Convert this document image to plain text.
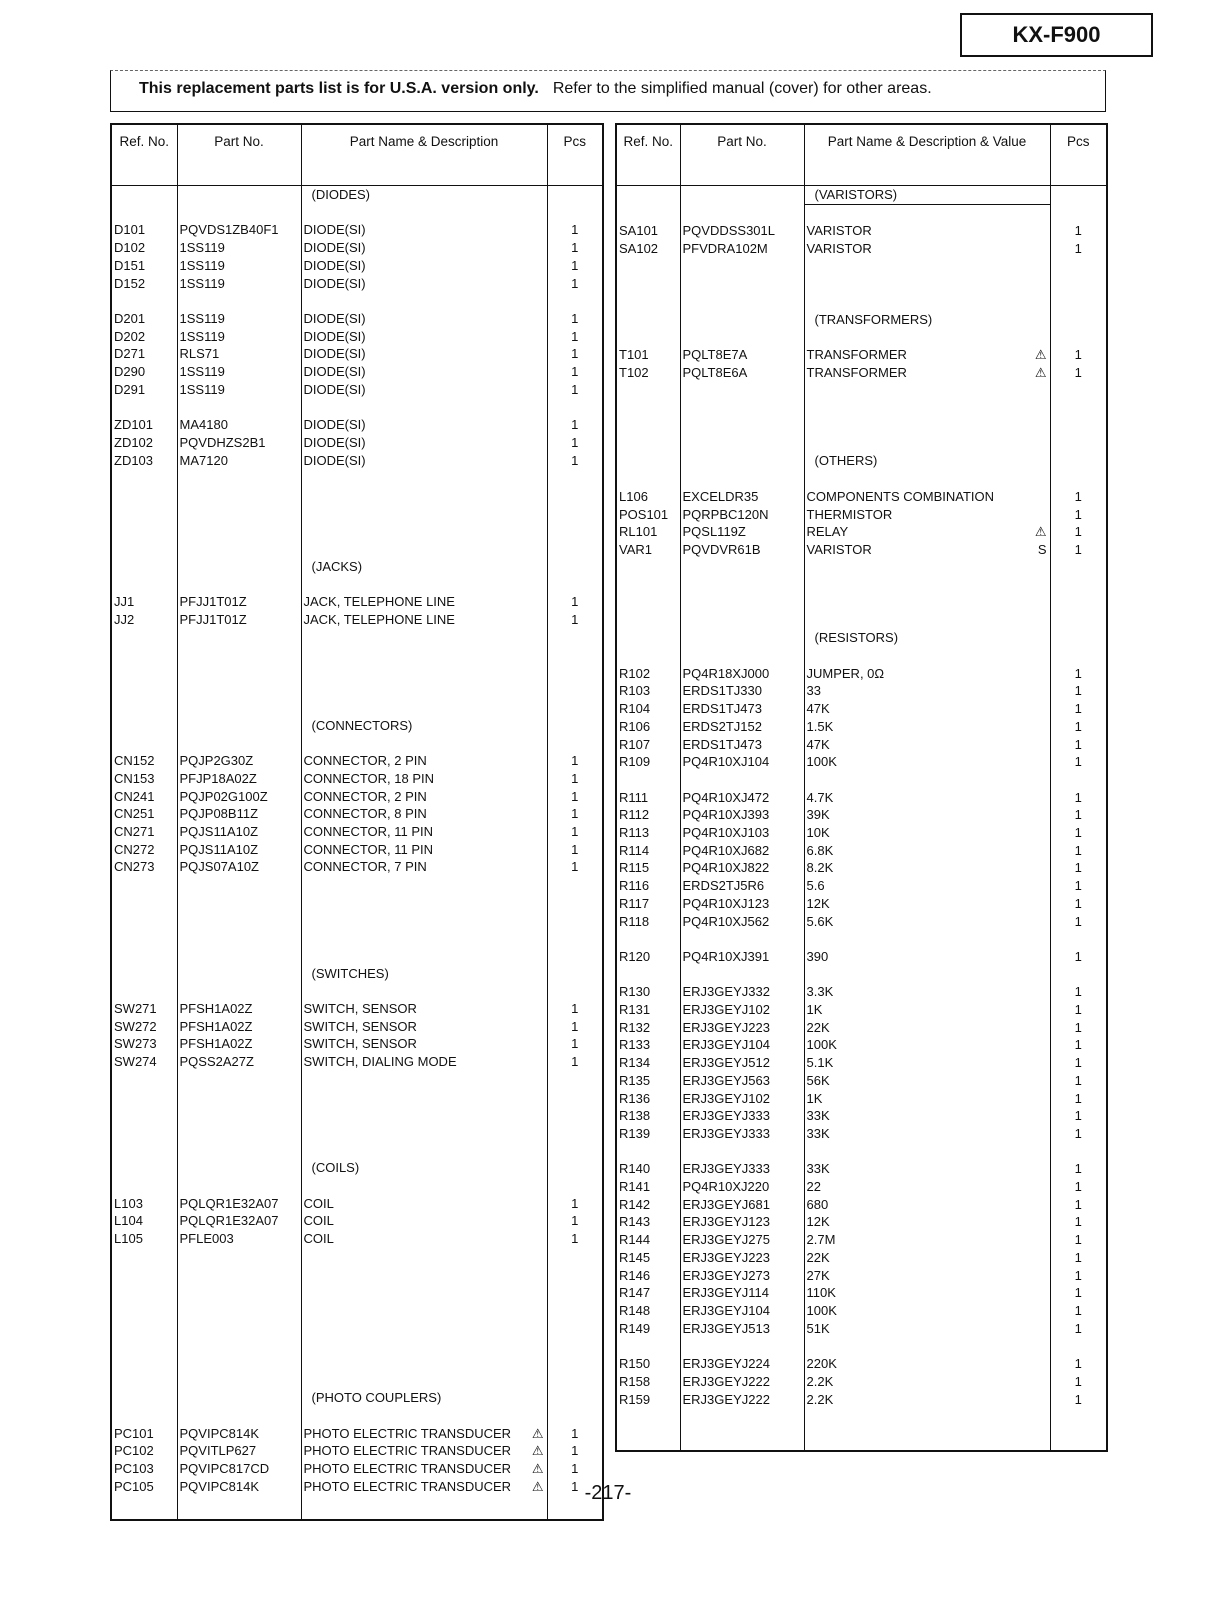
KX-F900
This replacement parts list is for U.S.A. version only. Refer to the simplified manual (cover) for other areas.
Ref. No.	Part No.	Part Name & Description	Pcs
		(DIODES)	

D101	PQVDS1ZB40F1	DIODE(SI)	1
D102	1SS119	DIODE(SI)	1
D151	1SS119	DIODE(SI)	1
D152	1SS119	DIODE(SI)	1

D201	1SS119	DIODE(SI)	1
D202	1SS119	DIODE(SI)	1
D271	RLS71	DIODE(SI)	1
D290	1SS119	DIODE(SI)	1
D291	1SS119	DIODE(SI)	1

ZD101	MA4180	DIODE(SI)	1
ZD102	PQVDHZS2B1	DIODE(SI)	1
ZD103	MA7120	DIODE(SI)	1

		(JACKS)	

JJ1	PFJJ1T01Z	JACK, TELEPHONE LINE	1
JJ2	PFJJ1T01Z	JACK, TELEPHONE LINE	1

		(CONNECTORS)	

CN152	PQJP2G30Z	CONNECTOR, 2 PIN	1
CN153	PFJP18A02Z	CONNECTOR, 18 PIN	1
CN241	PQJP02G100Z	CONNECTOR, 2 PIN	1
CN251	PQJP08B11Z	CONNECTOR, 8 PIN	1
CN271	PQJS11A10Z	CONNECTOR, 11 PIN	1
CN272	PQJS11A10Z	CONNECTOR, 11 PIN	1
CN273	PQJS07A10Z	CONNECTOR, 7 PIN	1

		(SWITCHES)	

SW271	PFSH1A02Z	SWITCH, SENSOR	1
SW272	PFSH1A02Z	SWITCH, SENSOR	1
SW273	PFSH1A02Z	SWITCH, SENSOR	1
SW274	PQSS2A27Z	SWITCH, DIALING MODE	1

		(COILS)	

L103	PQLQR1E32A07	COIL	1
L104	PQLQR1E32A07	COIL	1
L105	PFLE003	COIL	1

		(PHOTO COUPLERS)	

PC101	PQVIPC814K	PHOTO ELECTRIC TRANSDUCER ⚠	1
PC102	PQVITLP627	PHOTO ELECTRIC TRANSDUCER ⚠	1
PC103	PQVIPC817CD	PHOTO ELECTRIC TRANSDUCER ⚠	1
PC105	PQVIPC814K	PHOTO ELECTRIC TRANSDUCER ⚠	1

Ref. No.	Part No.	Part Name & Description & Value	Pcs
		(VARISTORS)	

SA101	PQVDDSS301L	VARISTOR	1
SA102	PFVDRA102M	VARISTOR	1

		(TRANSFORMERS)	

T101	PQLT8E7A	TRANSFORMER ⚠	1
T102	PQLT8E6A	TRANSFORMER ⚠	1

		(OTHERS)	

L106	EXCELDR35	COMPONENTS COMBINATION	1
POS101	PQRPBC120N	THERMISTOR	1
RL101	PQSL119Z	RELAY ⚠	1
VAR1	PQVDVR61B	VARISTOR S	1

		(RESISTORS)	

R102	PQ4R18XJ000	JUMPER, 0Ω	1
R103	ERDS1TJ330	33	1
R104	ERDS1TJ473	47K	1
R106	ERDS2TJ152	1.5K	1
R107	ERDS1TJ473	47K	1
R109	PQ4R10XJ104	100K	1

R111	PQ4R10XJ472	4.7K	1
R112	PQ4R10XJ393	39K	1
R113	PQ4R10XJ103	10K	1
R114	PQ4R10XJ682	6.8K	1
R115	PQ4R10XJ822	8.2K	1
R116	ERDS2TJ5R6	5.6	1
R117	PQ4R10XJ123	12K	1
R118	PQ4R10XJ562	5.6K	1

R120	PQ4R10XJ391	390	1

R130	ERJ3GEYJ332	3.3K	1
R131	ERJ3GEYJ102	1K	1
R132	ERJ3GEYJ223	22K	1
R133	ERJ3GEYJ104	100K	1
R134	ERJ3GEYJ512	5.1K	1
R135	ERJ3GEYJ563	56K	1
R136	ERJ3GEYJ102	1K	1
R138	ERJ3GEYJ333	33K	1
R139	ERJ3GEYJ333	33K	1

R140	ERJ3GEYJ333	33K	1
R141	PQ4R10XJ220	22	1
R142	ERJ3GEYJ681	680	1
R143	ERJ3GEYJ123	12K	1
R144	ERJ3GEYJ275	2.7M	1
R145	ERJ3GEYJ223	22K	1
R146	ERJ3GEYJ273	27K	1
R147	ERJ3GEYJ114	110K	1
R148	ERJ3GEYJ104	100K	1
R149	ERJ3GEYJ513	51K	1

R150	ERJ3GEYJ224	220K	1
R158	ERJ3GEYJ222	2.2K	1
R159	ERJ3GEYJ222	2.2K	1

-217-
